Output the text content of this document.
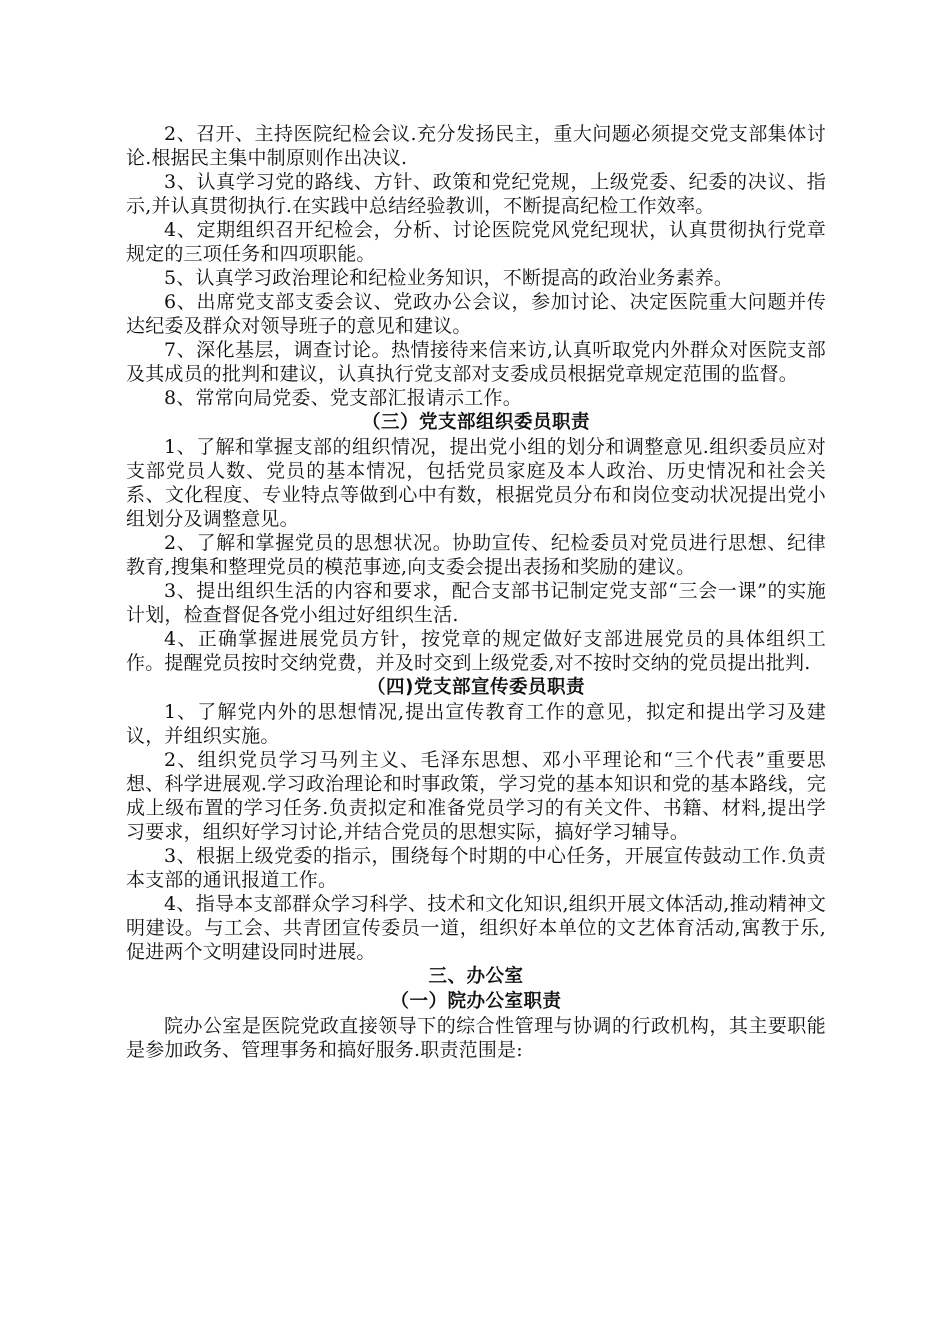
2、召开、主持医院纪检会议.充分发扬民主，重大问题必须提交党支部集体讨论.根据民主集中制原则作出决议.

3、认真学习党的路线、方针、政策和党纪党规，上级党委、纪委的决议、指示,并认真贯彻执行.在实践中总结经验教训，不断提高纪检工作效率。

4、定期组织召开纪检会，分析、讨论医院党风党纪现状，认真贯彻执行党章规定的三项任务和四项职能。

5、认真学习政治理论和纪检业务知识，不断提高的政治业务素养。

6、出席党支部支委会议、党政办公会议，参加讨论、决定医院重大问题并传达纪委及群众对领导班子的意见和建议。

7、深化基层，调查讨论。热情接待来信来访,认真听取党内外群众对医院支部及其成员的批判和建议，认真执行党支部对支委成员根据党章规定范围的监督。

8、常常向局党委、党支部汇报请示工作。

（三）党支部组织委员职责

1、了解和掌握支部的组织情况，提出党小组的划分和调整意见.组织委员应对支部党员人数、党员的基本情况，包括党员家庭及本人政治、历史情况和社会关系、文化程度、专业特点等做到心中有数，根据党员分布和岗位变动状况提出党小组划分及调整意见。

2、了解和掌握党员的思想状况。协助宣传、纪检委员对党员进行思想、纪律教育,搜集和整理党员的模范事迹,向支委会提出表扬和奖励的建议。

3、提出组织生活的内容和要求，配合支部书记制定党支部“三会一课”的实施计划，检查督促各党小组过好组织生活.

4、正确掌握进展党员方针，按党章的规定做好支部进展党员的具体组织工作。提醒党员按时交纳党费，并及时交到上级党委,对不按时交纳的党员提出批判.

（四)党支部宣传委员职责

1、了解党内外的思想情况,提出宣传教育工作的意见，拟定和提出学习及建议，并组织实施。

2、组织党员学习马列主义、毛泽东思想、邓小平理论和“三个代表”重要思想、科学进展观.学习政治理论和时事政策，学习党的基本知识和党的基本路线，完成上级布置的学习任务.负责拟定和准备党员学习的有关文件、书籍、材料,提出学习要求，组织好学习讨论,并结合党员的思想实际，搞好学习辅导。

3、根据上级党委的指示，围绕每个时期的中心任务，开展宣传鼓动工作.负责本支部的通讯报道工作。

4、指导本支部群众学习科学、技术和文化知识,组织开展文体活动,推动精神文明建设。与工会、共青团宣传委员一道，组织好本单位的文艺体育活动,寓教于乐,促进两个文明建设同时进展。

三、办公室
（一）院办公室职责

院办公室是医院党政直接领导下的综合性管理与协调的行政机构，其主要职能是参加政务、管理事务和搞好服务.职责范围是:
